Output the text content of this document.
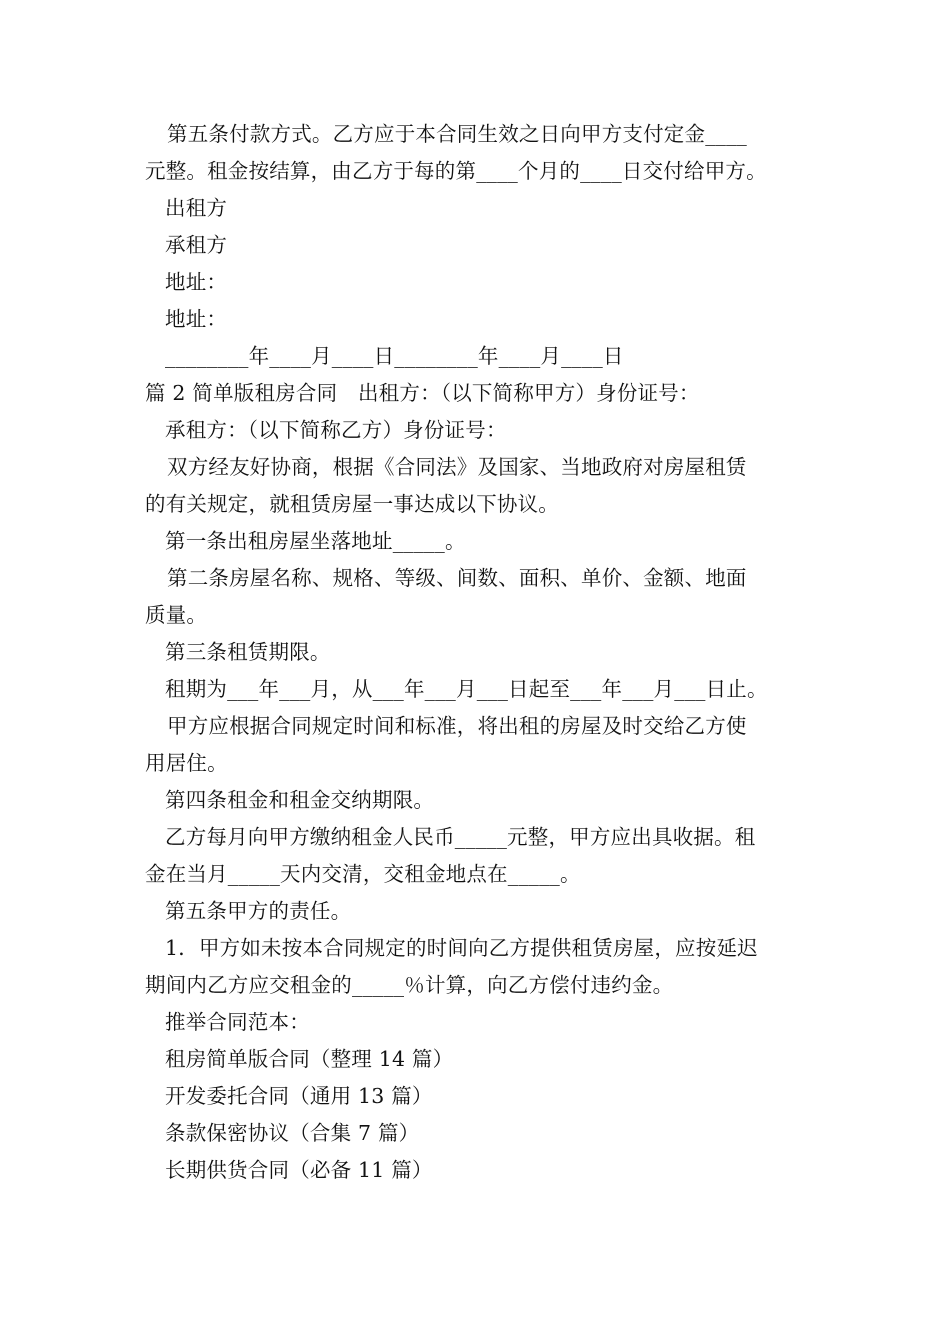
第五条付款方式。乙方应于本合同生效之日向甲方支付定金____
元整。租金按结算，由乙方于每的第____个月的____日交付给甲方。
出租方
承租方
地址：
地址：
________年____月____日________年____月____日
篇 2 简单版租房合同　出租方：（以下简称甲方）身份证号：
承租方：（以下简称乙方）身份证号：
双方经友好协商，根据《合同法》及国家、当地政府对房屋租赁
的有关规定，就租赁房屋一事达成以下协议。
第一条出租房屋坐落地址_____。
第二条房屋名称、规格、等级、间数、面积、单价、金额、地面
质量。
第三条租赁期限。
租期为___年___月，从___年___月___日起至___年___月___日止。
甲方应根据合同规定时间和标准，将出租的房屋及时交给乙方使
用居住。
第四条租金和租金交纳期限。
乙方每月向甲方缴纳租金人民币_____元整，甲方应出具收据。租
金在当月_____天内交清，交租金地点在_____。
第五条甲方的责任。
1．甲方如未按本合同规定的时间向乙方提供租赁房屋，应按延迟
期间内乙方应交租金的_____％计算，向乙方偿付违约金。
推举合同范本：
租房简单版合同（整理 14 篇）
开发委托合同（通用 13 篇）
条款保密协议（合集 7 篇）
长期供货合同（必备 11 篇）
